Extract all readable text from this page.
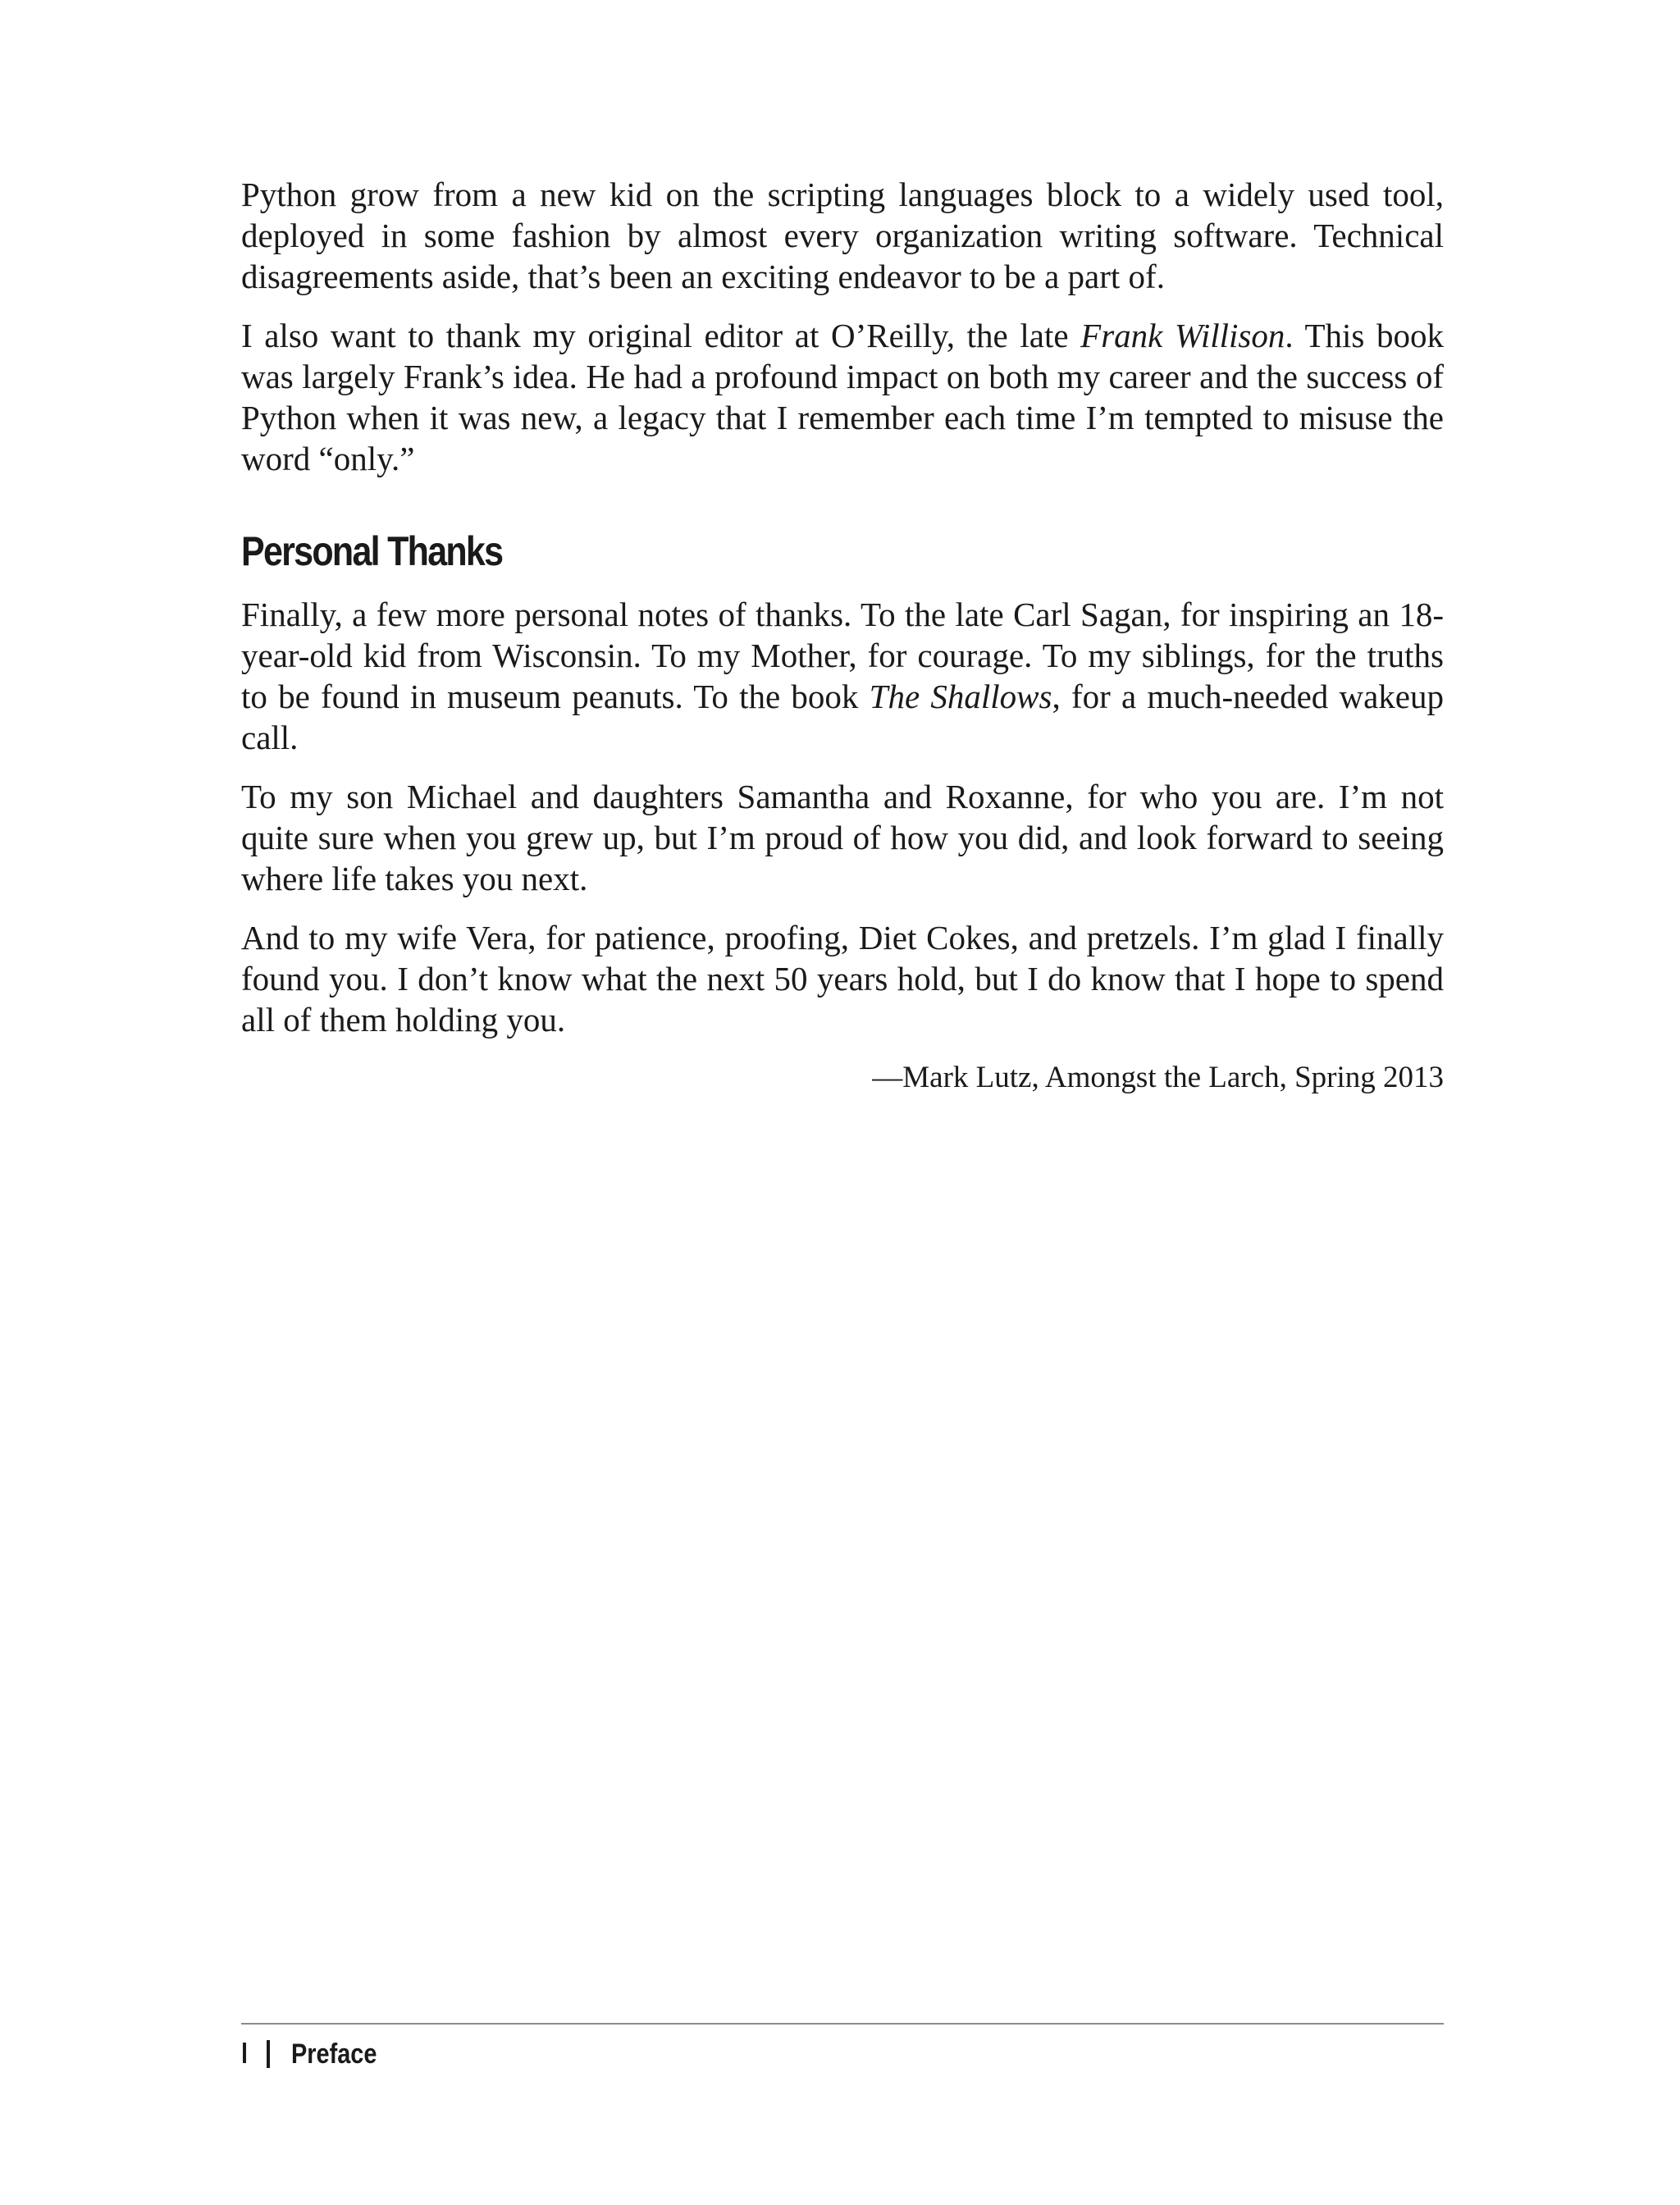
Python grow from a new kid on the scripting languages block to a widely used tool, deployed in some fashion by almost every organization writing software. Technical disagreements aside, that’s been an exciting endeavor to be a part of.

I also want to thank my original editor at O’Reilly, the late Frank Willison. This book was largely Frank’s idea. He had a profound impact on both my career and the success of Python when it was new, a legacy that I remember each time I’m tempted to misuse the word “only.”

Personal Thanks

Finally, a few more personal notes of thanks. To the late Carl Sagan, for inspiring an 18-year-old kid from Wisconsin. To my Mother, for courage. To my siblings, for the truths to be found in museum peanuts. To the book The Shallows, for a much-needed wakeup call.

To my son Michael and daughters Samantha and Roxanne, for who you are. I’m not quite sure when you grew up, but I’m proud of how you did, and look forward to seeing where life takes you next.

And to my wife Vera, for patience, proofing, Diet Cokes, and pretzels. I’m glad I finally found you. I don’t know what the next 50 years hold, but I do know that I hope to spend all of them holding you.

—Mark Lutz, Amongst the Larch, Spring 2013

l Preface
